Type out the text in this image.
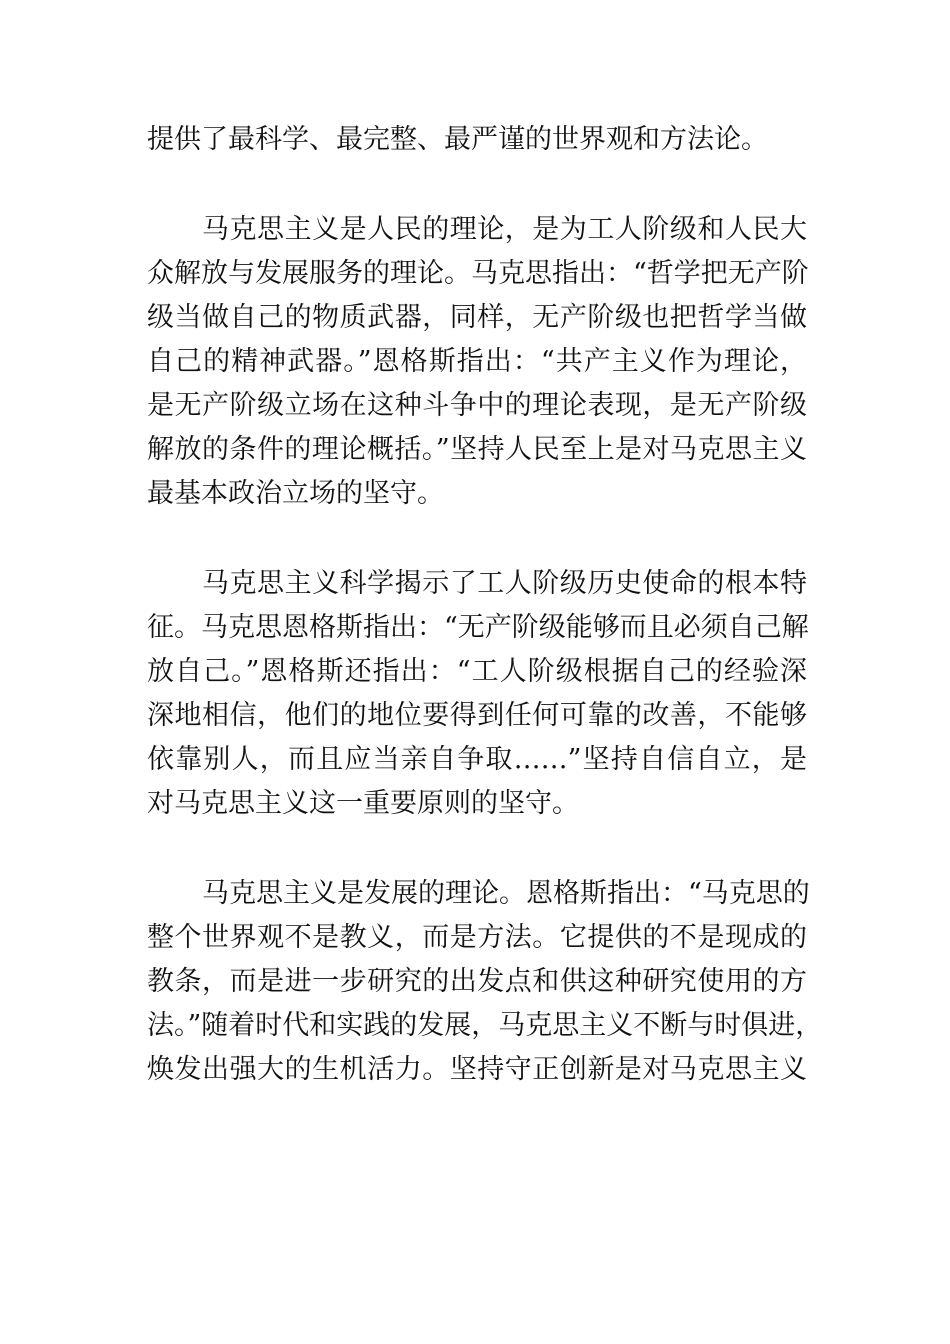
提供了最科学、最完整、最严谨的世界观和方法论。
马克思主义是人民的理论，是为工人阶级和人民大
众解放与发展服务的理论。马克思指出：“哲学把无产阶
级当做自己的物质武器，同样，无产阶级也把哲学当做
自己的精神武器。”恩格斯指出：“共产主义作为理论，
是无产阶级立场在这种斗争中的理论表现，是无产阶级
解放的条件的理论概括。”坚持人民至上是对马克思主义
最基本政治立场的坚守。
马克思主义科学揭示了工人阶级历史使命的根本特
征。马克思恩格斯指出：“无产阶级能够而且必须自己解
放自己。”恩格斯还指出：“工人阶级根据自己的经验深
深地相信，他们的地位要得到任何可靠的改善，不能够
依靠别人，而且应当亲自争取……”坚持自信自立，是
对马克思主义这一重要原则的坚守。
马克思主义是发展的理论。恩格斯指出：“马克思的
整个世界观不是教义，而是方法。它提供的不是现成的
教条，而是进一步研究的出发点和供这种研究使用的方
法。”随着时代和实践的发展，马克思主义不断与时俱进，
焕发出强大的生机活力。坚持守正创新是对马克思主义
